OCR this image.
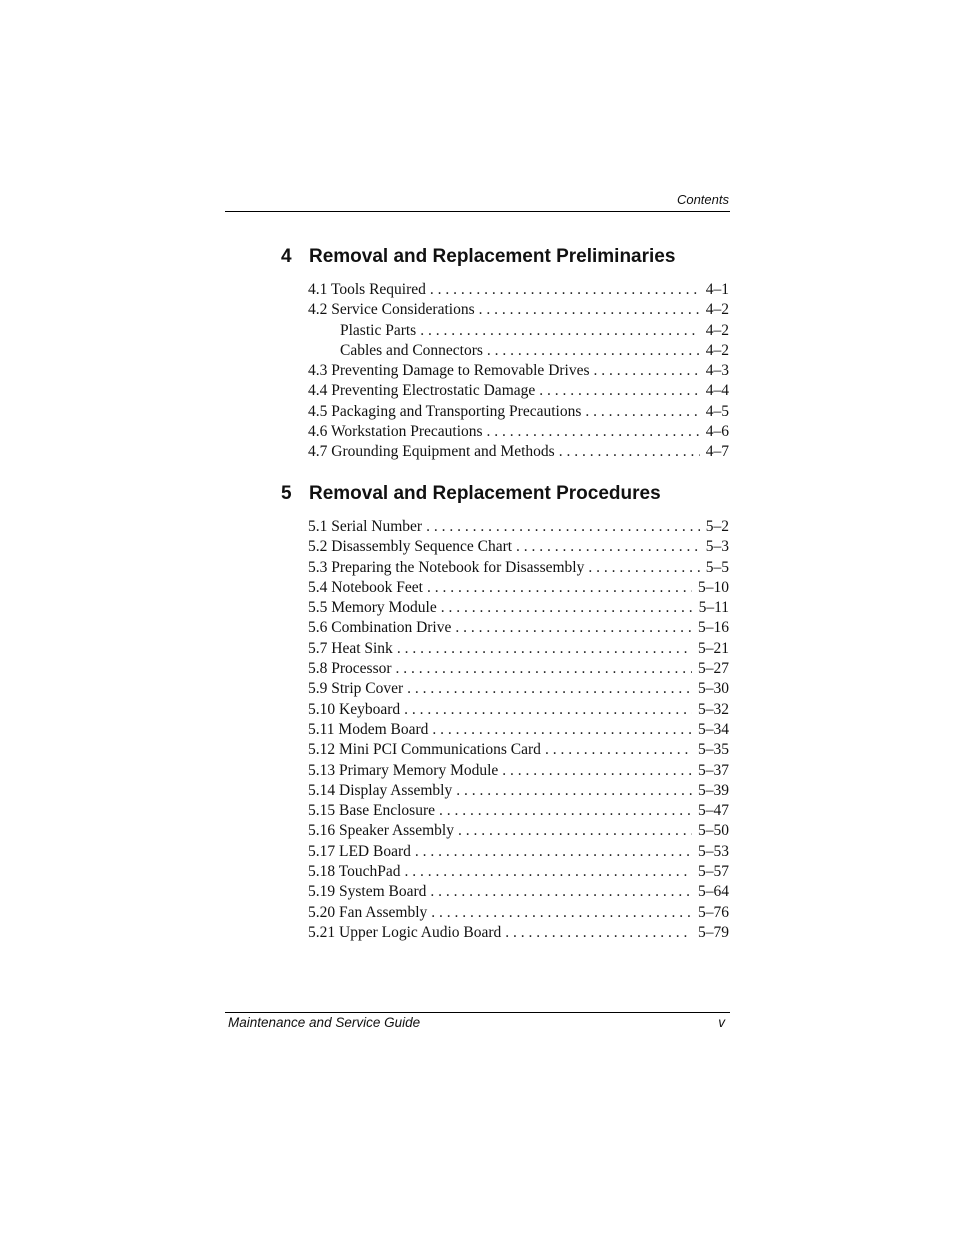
Contents
4 Removal and Replacement Preliminaries
4.1 Tools Required . . .	4–1
4.2 Service Considerations . . .	4–2
Plastic Parts . . .	4–2
Cables and Connectors . . .	4–2
4.3 Preventing Damage to Removable Drives . . .	4–3
4.4 Preventing Electrostatic Damage . . .	4–4
4.5 Packaging and Transporting Precautions . . .	4–5
4.6 Workstation Precautions . . .	4–6
4.7 Grounding Equipment and Methods . . .	4–7
5 Removal and Replacement Procedures
5.1 Serial Number . . .	5–2
5.2 Disassembly Sequence Chart . . .	5–3
5.3 Preparing the Notebook for Disassembly . . .	5–5
5.4 Notebook Feet . . .	5–10
5.5 Memory Module . . .	5–11
5.6 Combination Drive . . .	5–16
5.7 Heat Sink . . .	5–21
5.8 Processor . . .	5–27
5.9 Strip Cover . . .	5–30
5.10 Keyboard . . .	5–32
5.11 Modem Board . . .	5–34
5.12 Mini PCI Communications Card . . .	5–35
5.13 Primary Memory Module . . .	5–37
5.14 Display Assembly . . .	5–39
5.15 Base Enclosure . . .	5–47
5.16 Speaker Assembly . . .	5–50
5.17 LED Board . . .	5–53
5.18 TouchPad . . .	5–57
5.19 System Board . . .	5–64
5.20 Fan Assembly . . .	5–76
5.21 Upper Logic Audio Board . . .	5–79
Maintenance and Service Guide	v
